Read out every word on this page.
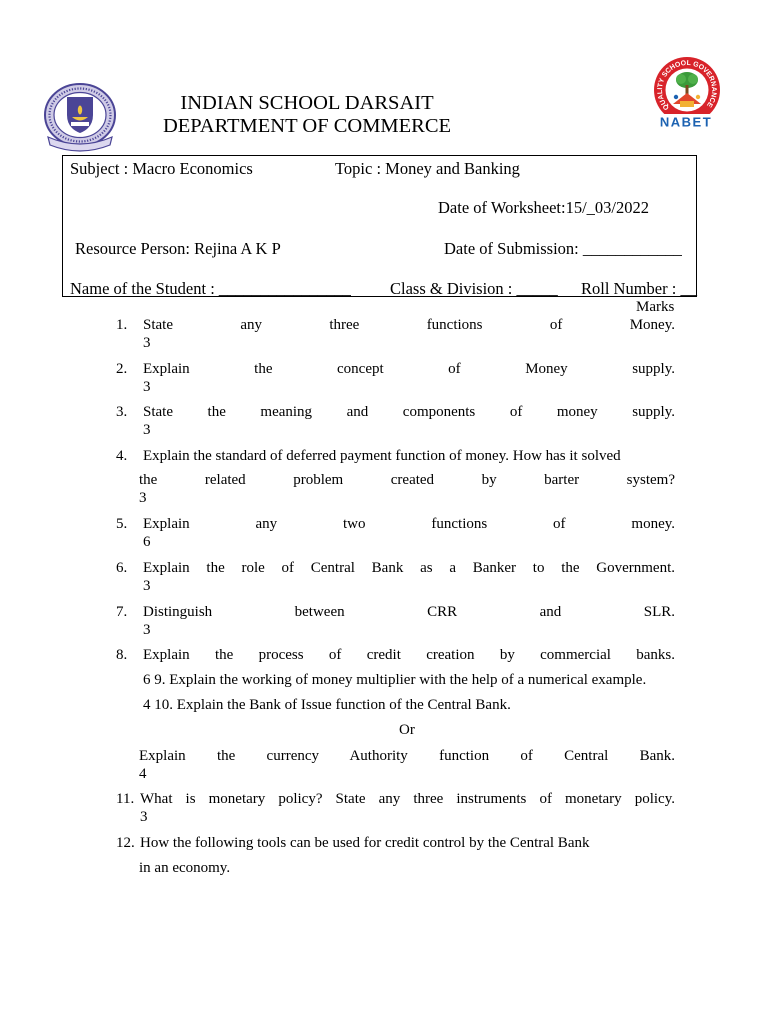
INDIAN SCHOOL DARSAIT
DEPARTMENT OF COMMERCE
QUALITY SCHOOL GOVERNANCE
NABET
Subject : Macro Economics	Topic : Money and Banking
Date of Worksheet:15/_03/2022
Resource Person: Rejina A K P	Date of Submission: ____________
Name of the Student : ________________ Class & Division : _____ Roll Number : __
Marks
1. State any three functions of Money.
3
2. Explain the concept of Money supply.
3
3. State the meaning and components of money supply.
3
4. Explain the standard of deferred payment function of money. How has it solved
the related problem created by barter system?
3
5. Explain any two functions of money.
6
6. Explain the role of Central Bank as a Banker to the Government.
3
7. Distinguish between CRR and SLR.
3
8. Explain the process of credit creation by commercial banks.
6 9. Explain the working of money multiplier with the help of a numerical example.
4 10. Explain the Bank of Issue function of the Central Bank.
Or
Explain the currency Authority function of Central Bank.
4
11. What is monetary policy? State any three instruments of monetary policy.
3
12. How the following tools can be used for credit control by the Central Bank
in an economy.
